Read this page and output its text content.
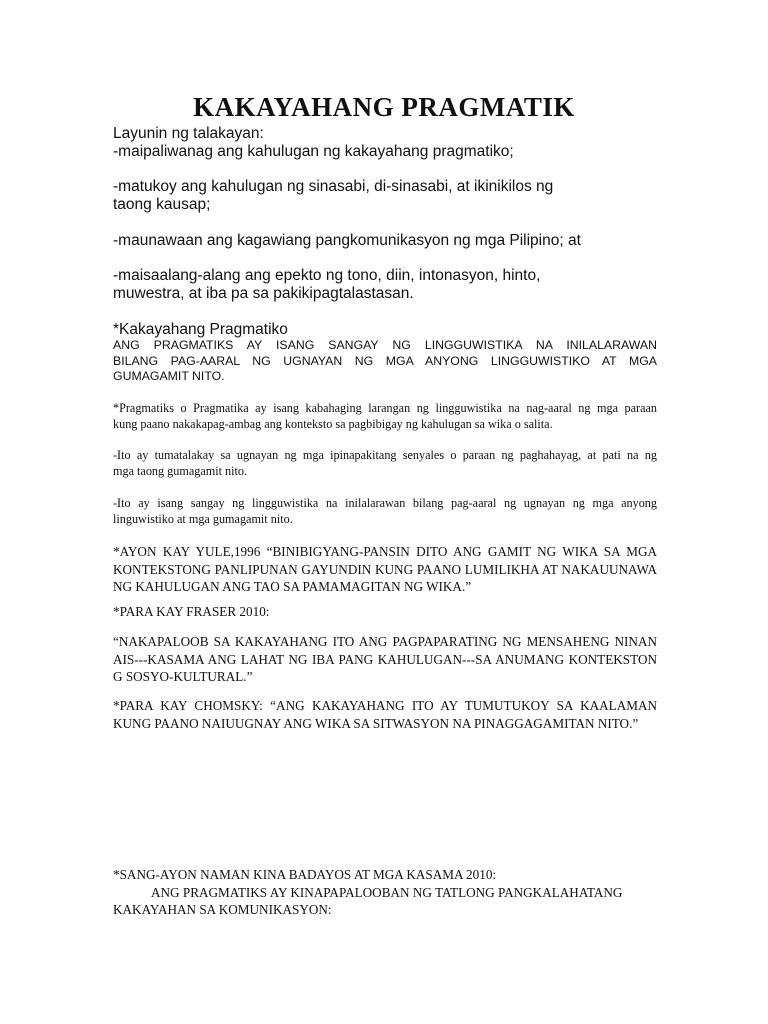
KAKAYAHANG PRAGMATIK
Layunin ng talakayan:
-maipaliwanag ang kahulugan ng kakayahang pragmatiko;
-matukoy ang kahulugan ng sinasabi, di-sinasabi, at ikinikilos ng
taong kausap;
-maunawaan ang kagawiang pangkomunikasyon ng mga Pilipino; at
-maisaalang-alang ang epekto ng tono, diin, intonasyon, hinto,
muwestra, at iba pa sa pakikipagtalastasan.
*Kakayahang Pragmatiko
ANG PRAGMATIKS AY ISANG SANGAY NG LINGGUWISTIKA NA INILALARAWAN
BILANG PAG-AARAL NG UGNAYAN NG MGA ANYONG LINGGUWISTIKO AT MGA
GUMAGAMIT NITO.
*Pragmatiks o Pragmatika ay isang kabahaging larangan ng lingguwistika na nag-aaral ng mga paraan
kung paano nakakapag-ambag ang konteksto sa pagbibigay ng kahulugan sa wika o salita.
-Ito ay tumatalakay sa ugnayan ng mga ipinapakitang senyales o paraan ng paghahayag, at pati na ng
mga taong gumagamit nito.
-Ito ay isang sangay ng lingguwistika na inilalarawan bilang pag-aaral ng ugnayan ng mga anyong
linguwistiko at mga gumagamit nito.
*AYON KAY YULE,1996 “BINIBIGYANG-PANSIN DITO ANG GAMIT NG WIKA SA MGA
KONTEKSTONG PANLIPUNAN GAYUNDIN KUNG PAANO LUMILIKHA AT NAKAUUNAWA
NG KAHULUGAN ANG TAO SA PAMAMAGITAN NG WIKA.”
*PARA KAY FRASER 2010:
“NAKAPALOOB SA KAKAYAHANG ITO ANG PAGPAPARATING NG MENSAHENG NINAN
AIS---KASAMA ANG LAHAT NG IBA PANG KAHULUGAN---SA ANUMANG KONTEKSTON
G SOSYO-KULTURAL.”
*PARA KAY CHOMSKY: “ANG KAKAYAHANG ITO AY TUMUTUKOY SA KAALAMAN
KUNG PAANO NAIUUGNAY ANG WIKA SA SITWASYON NA PINAGGAGAMITAN NITO.”
*SANG-AYON NAMAN KINA BADAYOS AT MGA KASAMA 2010:
ANG PRAGMATIKS AY KINAPAPALOOBAN NG TATLONG PANGKALAHATANG
KAKAYAHAN SA KOMUNIKASYON:
